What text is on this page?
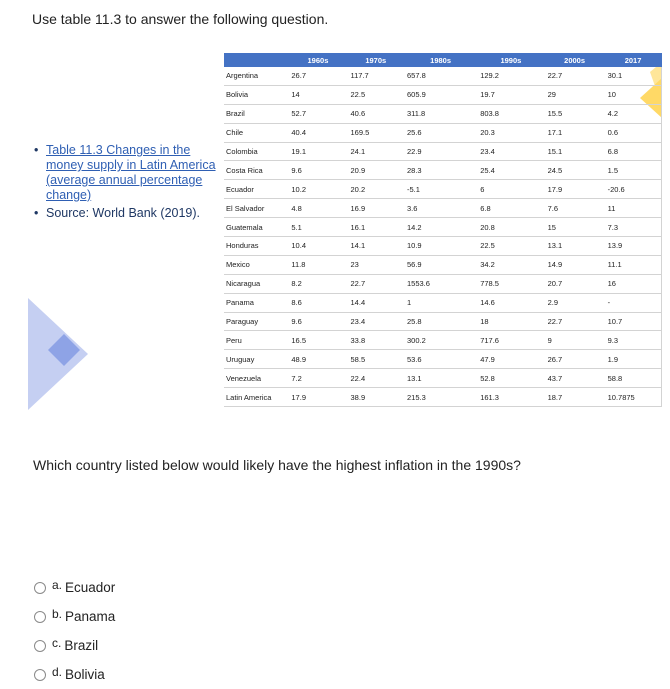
Use table 11.3 to answer the following question.
• Table 11.3 Changes in the money supply in Latin America (average annual percentage change)
• Source: World Bank (2019).
	1960s	1970s	1980s	1990s	2000s	2017
Argentina	26.7	117.7	657.8	129.2	22.7	30.1
Bolivia	14	22.5	605.9	19.7	29	10
Brazil	52.7	40.6	311.8	803.8	15.5	4.2
Chile	40.4	169.5	25.6	20.3	17.1	0.6
Colombia	19.1	24.1	22.9	23.4	15.1	6.8
Costa Rica	9.6	20.9	28.3	25.4	24.5	1.5
Ecuador	10.2	20.2	-5.1	6	17.9	-20.6
El Salvador	4.8	16.9	3.6	6.8	7.6	11
Guatemala	5.1	16.1	14.2	20.8	15	7.3
Honduras	10.4	14.1	10.9	22.5	13.1	13.9
Mexico	11.8	23	56.9	34.2	14.9	11.1
Nicaragua	8.2	22.7	1553.6	778.5	20.7	16
Panama	8.6	14.4	1	14.6	2.9	-
Paraguay	9.6	23.4	25.8	18	22.7	10.7
Peru	16.5	33.8	300.2	717.6	9	9.3
Uruguay	48.9	58.5	53.6	47.9	26.7	1.9
Venezuela	7.2	22.4	13.1	52.8	43.7	58.8
Latin America	17.9	38.9	215.3	161.3	18.7	10.7875
Which country listed below would likely have the highest inflation in the 1990s?
a. Ecuador
b. Panama
c. Brazil
d. Bolivia
